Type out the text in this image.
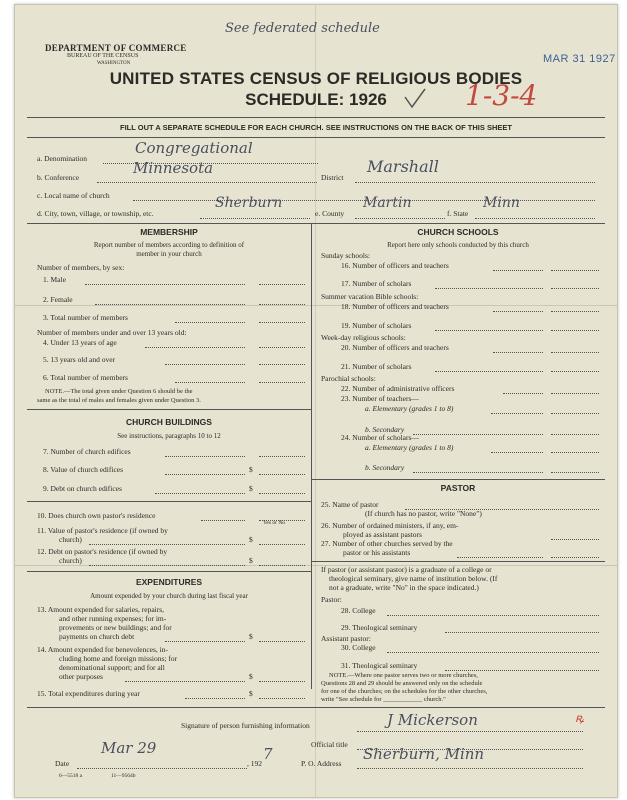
See federated schedule
DEPARTMENT OF COMMERCE
BUREAU OF THE CENSUS
WASHINGTON	MAR 31 1927
UNITED STATES CENSUS OF RELIGIOUS BODIES
SCHEDULE: 1926	1-3-4
FILL OUT A SEPARATE SCHEDULE FOR EACH CHURCH. SEE INSTRUCTIONS ON THE BACK OF THIS SHEET
a. Denomination
Congregational
b. Conference
Minnesota
District
Marshall
c. Local name of church
d. City, town, village, or township, etc.
Sherburn
e. County
Martin
f. State
Minn
MEMBERSHIP
Report number of members according to definition of
member in your church
Number of members, by sex:
1. Male
2. Female
3. Total number of members
Number of members under and over 13 years old:
4. Under 13 years of age
5. 13 years old and over
6. Total number of members
NOTE.—The total given under Question 6 should be the
same as the total of males and females given under Question 3.
CHURCH BUILDINGS
See instructions, paragraphs 10 to 12
7. Number of church edifices
8. Value of church edifices	$
9. Debt on church edifices	$
10. Does church own pastor's residence
Yes or No
11. Value of pastor's residence (if owned by
church)	$
12. Debt on pastor's residence (if owned by
church)	$
EXPENDITURES
Amount expended by your church during last fiscal year
13. Amount expended for salaries, repairs,
and other running expenses; for im-
provements or new buildings; and for
payments on church debt	$
14. Amount expended for benevolences, in-
cluding home and foreign missions; for
denominational support; and for all
other purposes	$
15. Total expenditures during year	$
CHURCH SCHOOLS
Report here only schools conducted by this church
Sunday schools:
16. Number of officers and teachers
17. Number of scholars
Summer vacation Bible schools:
18. Number of officers and teachers
19. Number of scholars
Week-day religious schools:
20. Number of officers and teachers
21. Number of scholars
Parochial schools:
22. Number of administrative officers
23. Number of teachers—
a. Elementary (grades 1 to 8)
b. Secondary
24. Number of scholars—
a. Elementary (grades 1 to 8)
b. Secondary
PASTOR
25. Name of pastor
(If church has no pastor, write "None")
26. Number of ordained ministers, if any, em-
ployed as assistant pastors
27. Number of other churches served by the
pastor or his assistants
If pastor (or assistant pastor) is a graduate of a college or
theological seminary, give name of institution below. (If
not a graduate, write "No" in the space indicated.)
Pastor:
28. College
29. Theological seminary
Assistant pastor:
30. College
31. Theological seminary
NOTE.—Where one pastor serves two or more churches,
Questions 28 and 29 should be answered only on the schedule
for one of the churches; on the schedules for the other churches,
write "See schedule for ____________ church."
Signature of person furnishing information	J Mickerson	ꝶ
Official title
Date
Mar 29
, 192
7
P. O. Address
Sherburn, Minn
6—5518 a	11—9564b
